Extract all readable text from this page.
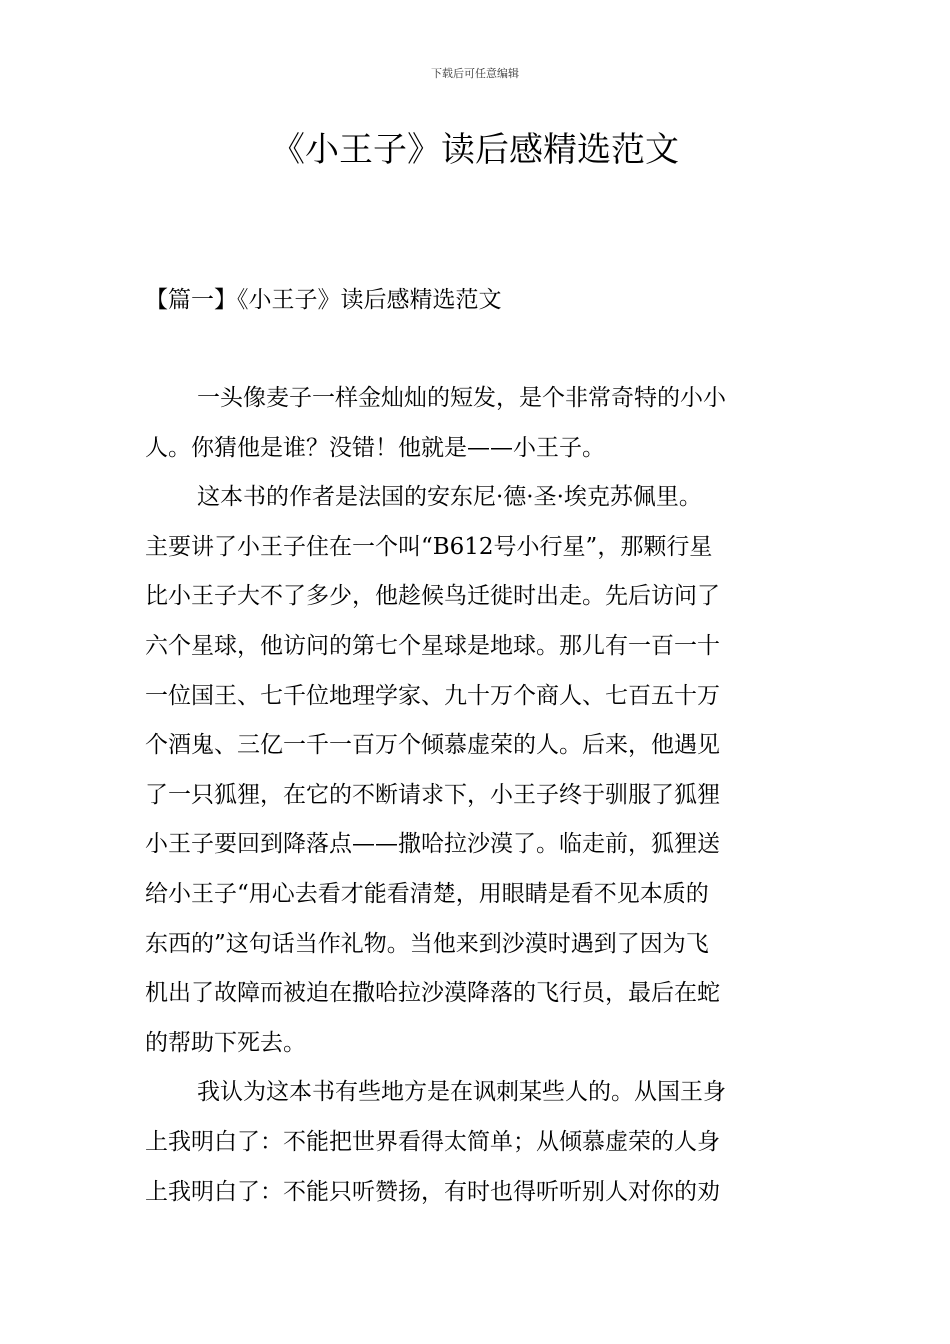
下载后可任意编辑
《小王子》读后感精选范文
【篇一】《小王子》读后感精选范文
一头像麦子一样金灿灿的短发，是个非常奇特的小小
人。你猜他是谁？没错！他就是——小王子。
这本书的作者是法国的安东尼·德·圣·埃克苏佩里。
主要讲了小王子住在一个叫“B612号小行星”，那颗行星
比小王子大不了多少，他趁候鸟迁徙时出走。先后访问了
六个星球，他访问的第七个星球是地球。那儿有一百一十
一位国王、七千位地理学家、九十万个商人、七百五十万
个酒鬼、三亿一千一百万个倾慕虚荣的人。后来，他遇见
了一只狐狸，在它的不断请求下，小王子终于驯服了狐狸
小王子要回到降落点——撒哈拉沙漠了。临走前，狐狸送
给小王子“用心去看才能看清楚，用眼睛是看不见本质的
东西的”这句话当作礼物。当他来到沙漠时遇到了因为飞
机出了故障而被迫在撒哈拉沙漠降落的飞行员，最后在蛇
的帮助下死去。
我认为这本书有些地方是在讽刺某些人的。从国王身
上我明白了：不能把世界看得太简单；从倾慕虚荣的人身
上我明白了：不能只听赞扬，有时也得听听别人对你的劝
